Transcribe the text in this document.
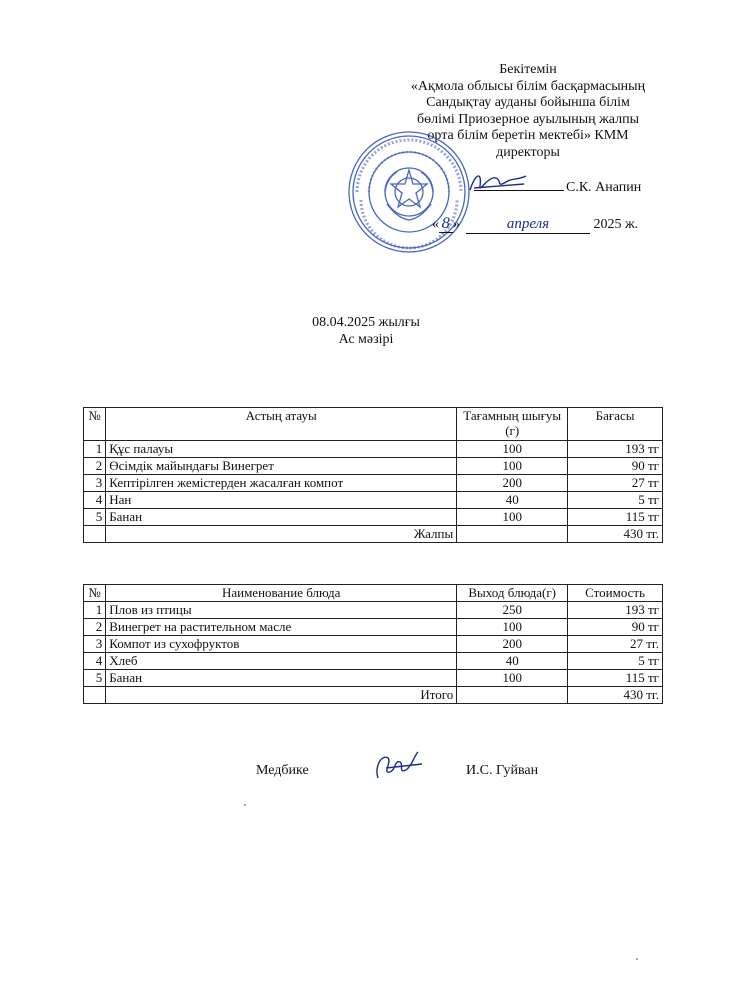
Бекітемін
«Ақмола облысы білім басқармасының
Сандықтау ауданы бойынша білім
бөлімі Приозерное ауылының жалпы
орта білім беретін мектебі» КММ
директоры
С.К. Анапин
« 8 »	апреля	2025 ж.
08.04.2025 жылғы
Ас мәзірі
№	Астың атауы	Тағамның шығуы (г)	Бағасы
1	Құс палауы	100	193 тг
2	Өсімдік майындағы Винегрет	100	90 тг
3	Кептірілген жемістерден жасалған компот	200	27 тг
4	Нан	40	5 тг
5	Банан	100	115 тг
	Жалпы		430 тг.
№	Наименование блюда	Выход блюда(г)	Стоимость
1	Плов из птицы	250	193 тг
2	Винегрет на растительном масле	100	90 тг
3	Компот из сухофруктов	200	27 тг.
4	Хлеб	40	5 тг
5	Банан	100	115 тг
	Итого		430 тг.
Медбике	И.С. Гуйван
